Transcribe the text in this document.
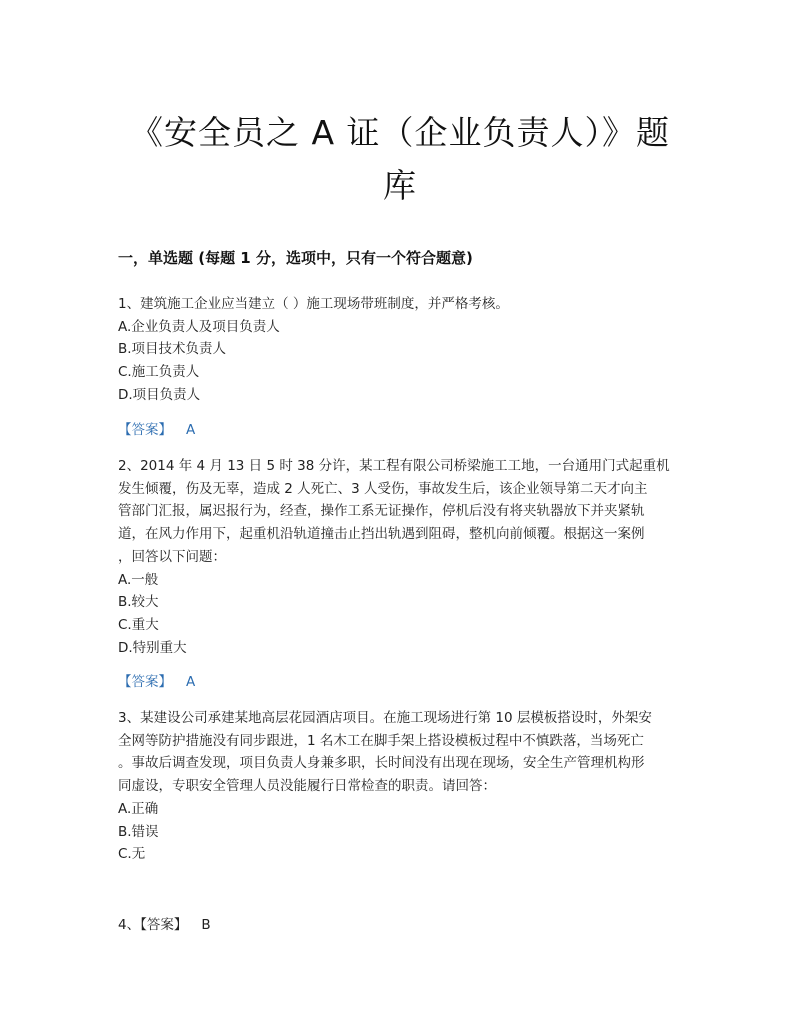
《安全员之 A 证（企业负责人）》题
库
一，单选题 (每题 1 分，选项中，只有一个符合题意)

1、建筑施工企业应当建立（ ）施工现场带班制度，并严格考核。

A.企业负责人及项目负责人

B.项目技术负责人

C.施工负责人

D.项目负责人

【答案】 A

2、2014 年 4 月 13 日 5 时 38 分许，某工程有限公司桥梁施工工地，一台通用门式起重机

发生倾覆，伤及无辜，造成 2 人死亡、3 人受伤，事故发生后，该企业领导第二天才向主

管部门汇报，属迟报行为，经查，操作工系无证操作，停机后没有将夹轨器放下并夹紧轨

道，在风力作用下，起重机沿轨道撞击止挡出轨遇到阻碍，整机向前倾覆。根据这一案例

，回答以下问题：

A.一般

B.较大

C.重大

D.特别重大

【答案】 A

3、某建设公司承建某地高层花园酒店项目。在施工现场进行第 10 层模板搭设时，外架安

全网等防护措施没有同步跟进，1 名木工在脚手架上搭设模板过程中不慎跌落，当场死亡

。事故后调查发现，项目负责人身兼多职，长时间没有出现在现场，安全生产管理机构形

同虚设，专职安全管理人员没能履行日常检查的职责。请回答：

A.正确

B.错误

C.无

4、【答案】 B
